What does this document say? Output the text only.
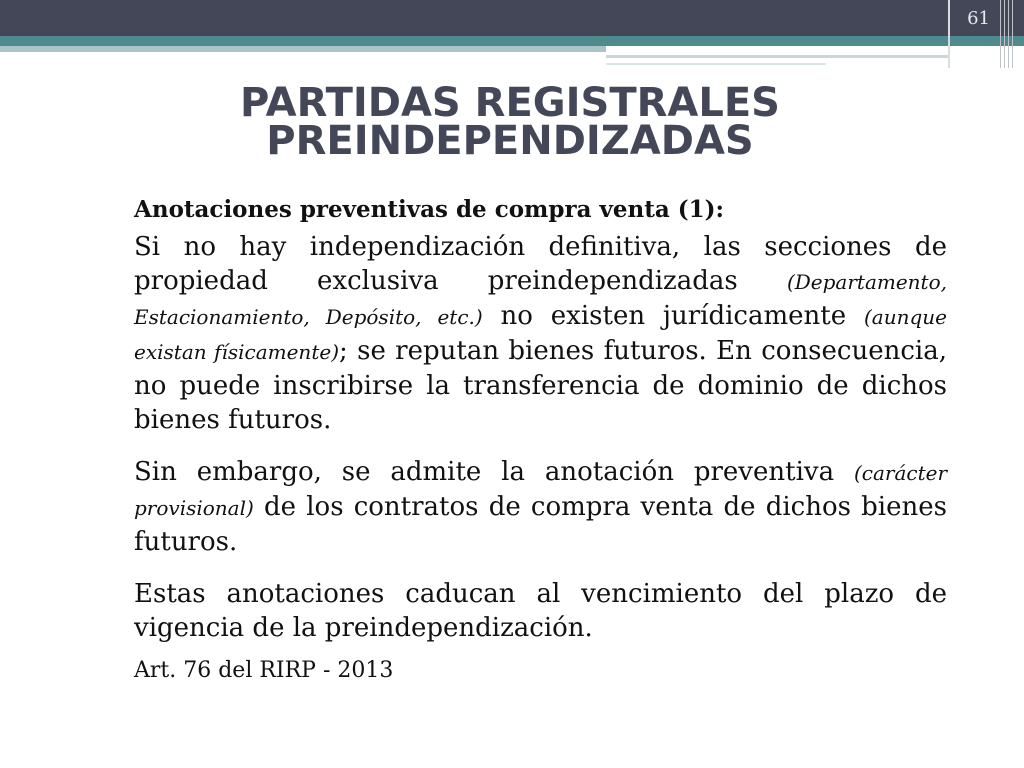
61
PARTIDAS REGISTRALES
PREINDEPENDIZADAS
Anotaciones preventivas de compra venta (1):

Si no hay independización definitiva, las secciones de propiedad exclusiva preindependizadas (Departamento, Estacionamiento, Depósito, etc.) no existen jurídicamente (aunque existan físicamente); se reputan bienes futuros. En consecuencia, no puede inscribirse la transferencia de dominio de dichos bienes futuros.

Sin embargo, se admite la anotación preventiva (carácter provisional) de los contratos de compra venta de dichos bienes futuros.

Estas anotaciones caducan al vencimiento del plazo de vigencia de la preindependización.

Art. 76 del RIRP - 2013
